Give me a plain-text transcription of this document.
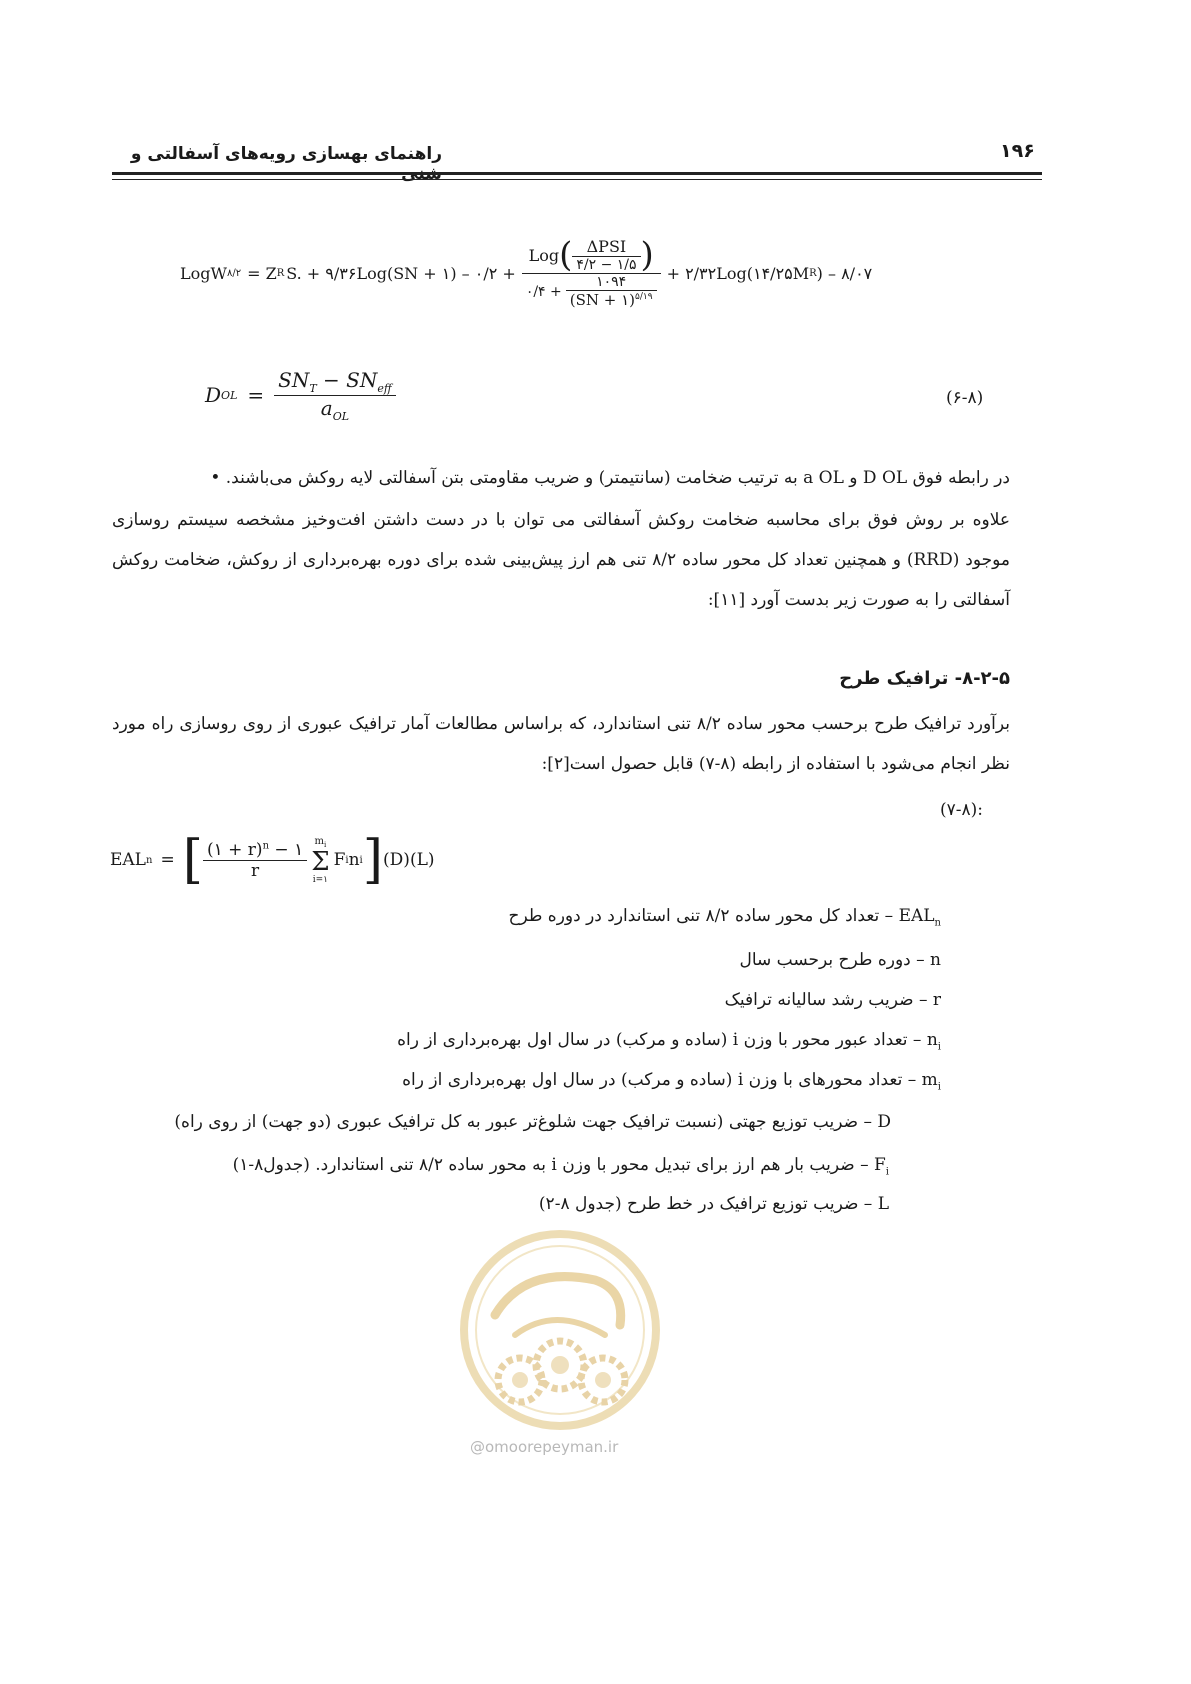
۱۹۶
راهنمای بهسازی رویه‌های آسفالتی و
LogW ۸/۲ = Z R S. + ۹/۳۶Log(SN + ۱) – ۰/۲ +
Log ( $\frac{\text{ΔPSI}}{۴/۲ - ۱/۵}$ )
۰/۴ + $\frac{۱۰۹۴}{(SN + ۱)^{۵/۱۹}}$
+ ۲/۳۲Log(۱۴/۲۵M R ) – ۸/۰۷
D OL = $\frac{SN_T - SN_{eff}}{a_{OL}}$	(۶-۸)
در رابطه فوق D OL و a OL به ترتیب ضخامت (سانتیمتر) و ضریب مقاومتی بتن آسفالتی لایه روکش می‌باشند. •
علاوه بر روش فوق برای محاسبه ضخامت روکش آسفالتی می توان با در دست داشتن افت‌وخیز مشخصه سیستم روسازی موجود (RRD) و همچنین تعداد کل محور ساده ۸/۲ تنی هم ارز پیش‌بینی شده برای دوره بهره‌برداری از روکش، ضخامت روکش آسفالتی را به صورت زیر بدست آورد [۱۱]:
۸-۲-۵- ترافیک طرح
برآورد ترافیک طرح برحسب محور ساده ۸/۲ تنی استاندارد، که براساس مطالعات آمار ترافیک عبوری از روی روسازی راه مورد نظر انجام می‌شود با استفاده از رابطه (۸-۷) قابل حصول است[۲]:
:(۷-۸)
EAL n = [ $\frac{(۱ + r)^n - ۱}{r} m_i$
Σ
i=۱
F i n i ] (D)(L)
$EAL_n$ – تعداد کل محور ساده ۸/۲ تنی استاندارد در دوره طرح
n – دوره طرح برحسب سال
r – ضریب رشد سالیانه ترافیک
$n_i$ – تعداد عبور محور با وزن i (ساده و مرکب) در سال اول بهره‌برداری از راه
$m_i$ – تعداد محورهای با وزن i (ساده و مرکب) در سال اول بهره‌برداری از راه
D – ضریب توزیع جهتی (نسبت ترافیک جهت شلوغ‌تر عبور به کل ترافیک عبوری (دو جهت) از روی راه)
$F_i$ – ضریب بار هم ارز برای تبدیل محور با وزن i به محور ساده ۸/۲ تنی استاندارد. (جدول۸-۱)
L – ضریب توزیع ترافیک در خط طرح (جدول ۸-۲)
@omoorepeyman.ir
